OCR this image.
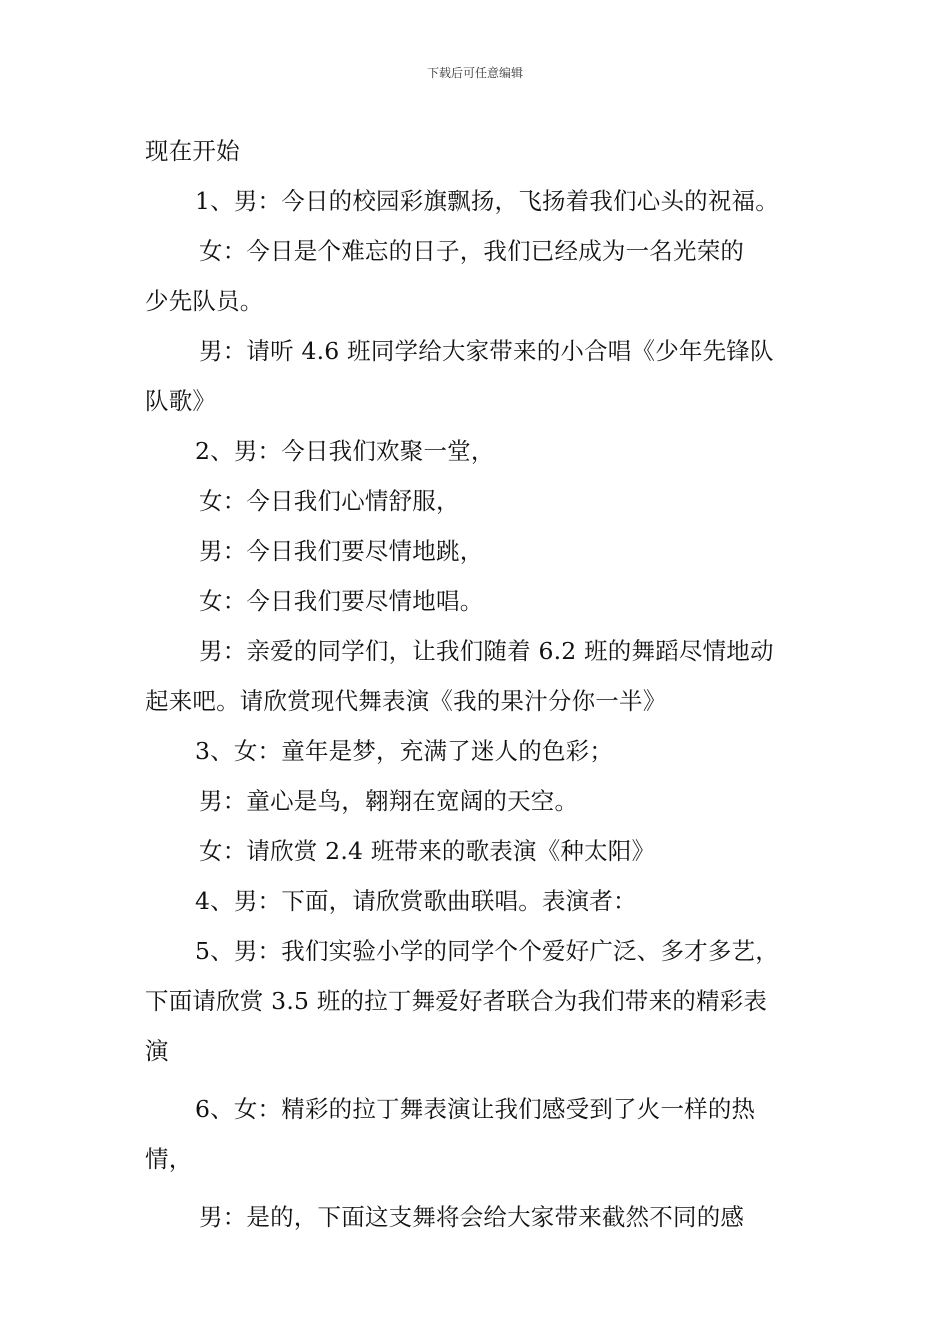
下载后可任意编辑
现在开始
1、男：今日的校园彩旗飘扬，飞扬着我们心头的祝福。
女：今日是个难忘的日子，我们已经成为一名光荣的
少先队员。
男：请听 4.6 班同学给大家带来的小合唱《少年先锋队
队歌》
2、男：今日我们欢聚一堂，
女：今日我们心情舒服，
男：今日我们要尽情地跳，
女：今日我们要尽情地唱。
男：亲爱的同学们，让我们随着 6.2 班的舞蹈尽情地动
起来吧。请欣赏现代舞表演《我的果汁分你一半》
3、女：童年是梦，充满了迷人的色彩；
男：童心是鸟，翱翔在宽阔的天空。
女：请欣赏 2.4 班带来的歌表演《种太阳》
4、男：下面，请欣赏歌曲联唱。表演者：
5、男：我们实验小学的同学个个爱好广泛、多才多艺，
下面请欣赏 3.5 班的拉丁舞爱好者联合为我们带来的精彩表
演
6、女：精彩的拉丁舞表演让我们感受到了火一样的热
情，
男：是的，下面这支舞将会给大家带来截然不同的感
